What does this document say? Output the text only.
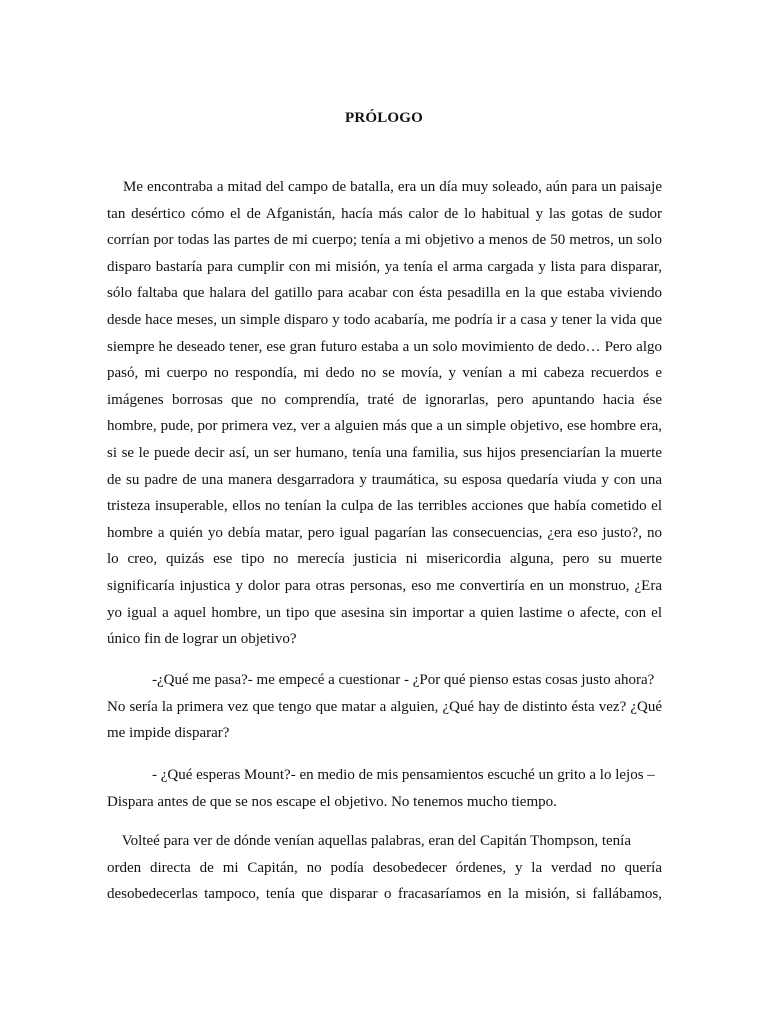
PRÓLOGO
Me encontraba a mitad del campo de batalla, era un día muy soleado, aún para un paisaje
tan desértico cómo el de Afganistán, hacía más calor de lo habitual y las gotas de sudor
corrían por todas las partes de mi cuerpo; tenía a mi objetivo a menos de 50 metros, un solo
disparo bastaría para cumplir con mi misión, ya tenía el arma cargada y lista para disparar,
sólo faltaba que halara del gatillo para acabar con ésta pesadilla en la que estaba viviendo
desde hace meses, un simple disparo y todo acabaría, me podría ir a casa y tener la vida que
siempre he deseado tener, ese gran futuro estaba a un solo movimiento de dedo… Pero algo
pasó, mi cuerpo no respondía, mi dedo no se movía, y venían a mi cabeza recuerdos e
imágenes borrosas que no comprendía, traté de ignorarlas, pero apuntando hacia ése
hombre, pude, por primera vez, ver a alguien más que a un simple objetivo, ese hombre era,
si se le puede decir así, un ser humano, tenía una familia, sus hijos presenciarían la muerte
de su padre de una manera desgarradora y traumática, su esposa quedaría viuda y con una
tristeza insuperable, ellos no tenían la culpa de las terribles acciones que había cometido el
hombre a quién yo debía matar, pero igual pagarían las consecuencias, ¿era eso justo?, no
lo creo, quizás ese tipo no merecía justicia ni misericordia alguna, pero su muerte
significaría injustica y dolor para otras personas, eso me convertiría en un monstruo, ¿Era
yo igual a aquel hombre, un tipo que asesina sin importar a quien lastime o afecte, con el
único fin de lograr un objetivo?
-¿Qué me pasa?- me empecé a cuestionar - ¿Por qué pienso estas cosas justo ahora?
No sería la primera vez que tengo que matar a alguien, ¿Qué hay de distinto ésta vez? ¿Qué
me impide disparar?
- ¿Qué esperas Mount?- en medio de mis pensamientos escuché un grito a lo lejos –
Dispara antes de que se nos escape el objetivo. No tenemos mucho tiempo.
Volteé para ver de dónde venían aquellas palabras, eran del Capitán Thompson, tenía
orden directa de mi Capitán, no podía desobedecer órdenes, y la verdad no quería
desobedecerlas tampoco, tenía que disparar o fracasaríamos en la misión, si fallábamos,
